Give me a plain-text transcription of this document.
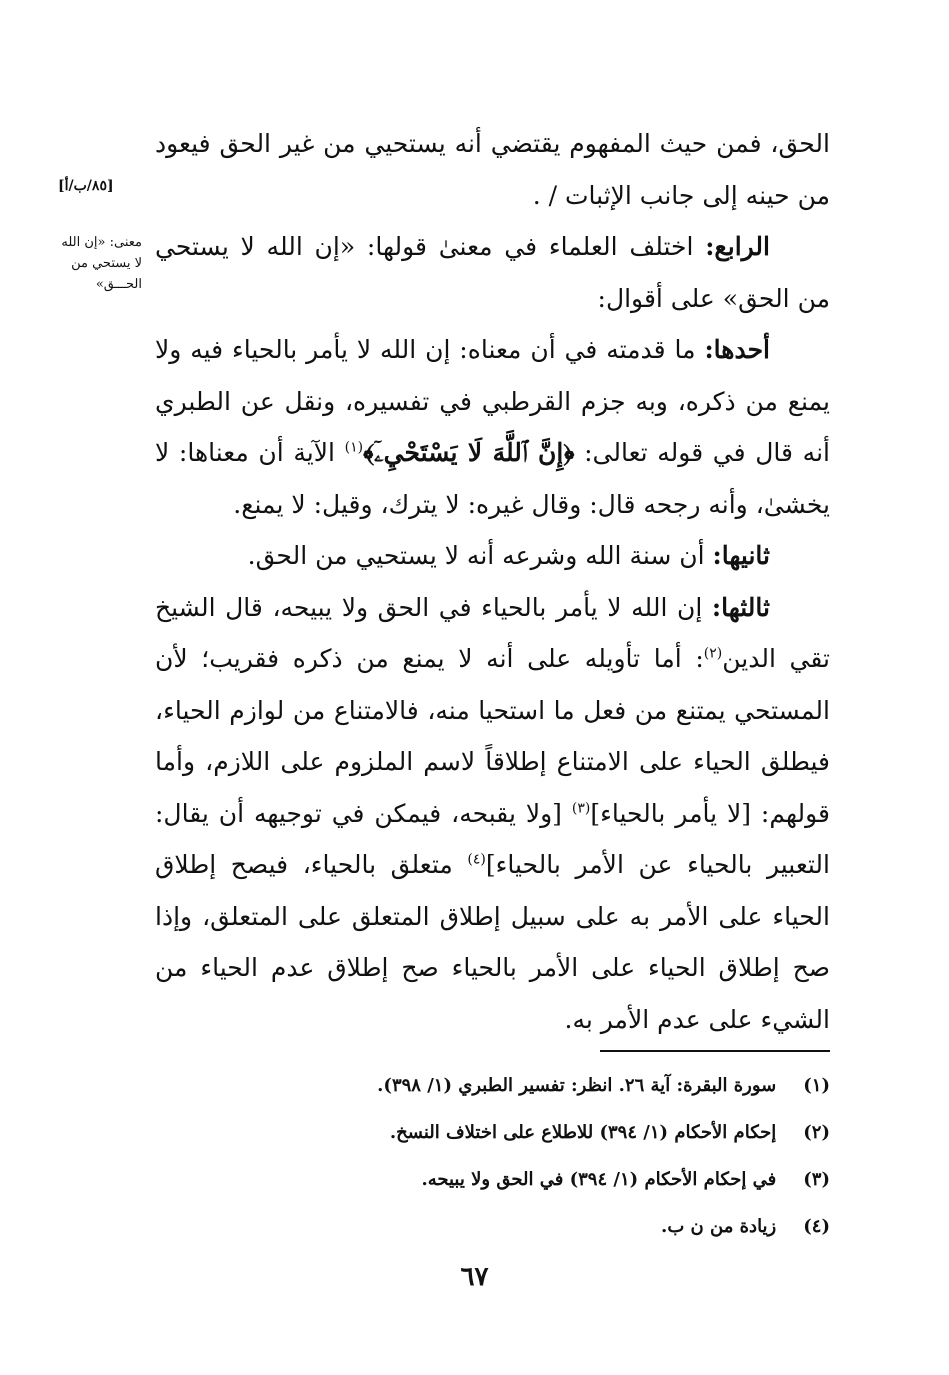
[٨٥/ب/أ]
معنى: «إن الله
لا يستحي من
الحـــق»

الحق، فمن حيث المفهوم يقتضي أنه يستحيي من غير الحق فيعود من حينه إلى جانب الإثبات / .

الرابع: اختلف العلماء في معنىٰ قولها: «إن الله لا يستحي من الحق» على أقوال:

أحدها: ما قدمته في أن معناه: إن الله لا يأمر بالحياء فيه ولا يمنع من ذكره، وبه جزم القرطبي في تفسيره، ونقل عن الطبري أنه قال في قوله تعالى: ﴿إِنَّ ٱللَّهَ لَا يَسْتَحْيِۦٓ﴾$^{(١)}$ الآية أن معناها: لا يخشىٰ، وأنه رجحه قال: وقال غيره: لا يترك، وقيل: لا يمنع.

ثانيها: أن سنة الله وشرعه أنه لا يستحيي من الحق.

ثالثها: إن الله لا يأمر بالحياء في الحق ولا يبيحه، قال الشيخ تقي الدين$^{(٢)}$: أما تأويله على أنه لا يمنع من ذكره فقريب؛ لأن المستحي يمتنع من فعل ما استحيا منه، فالامتناع من لوازم الحياء، فيطلق الحياء على الامتناع إطلاقاً لاسم الملزوم على اللازم، وأما قولهم: [لا يأمر بالحياء]$^{(٣)}$ [ولا يقبحه، فيمكن في توجيهه أن يقال: التعبير بالحياء عن الأمر بالحياء]$^{(٤)}$ متعلق بالحياء، فيصح إطلاق الحياء على الأمر به على سبيل إطلاق المتعلق على المتعلق، وإذا صح إطلاق الحياء على الأمر بالحياء صح إطلاق عدم الحياء من الشيء على عدم الأمر به.

(١) سورة البقرة: آية ٢٦. انظر: تفسير الطبري (١/ ٣٩٨).

(٢) إحكام الأحكام (١/ ٣٩٤) للاطلاع على اختلاف النسخ.

(٣) في إحكام الأحكام (١/ ٣٩٤) في الحق ولا يبيحه.

(٤) زيادة من ن ب.

٦٧
